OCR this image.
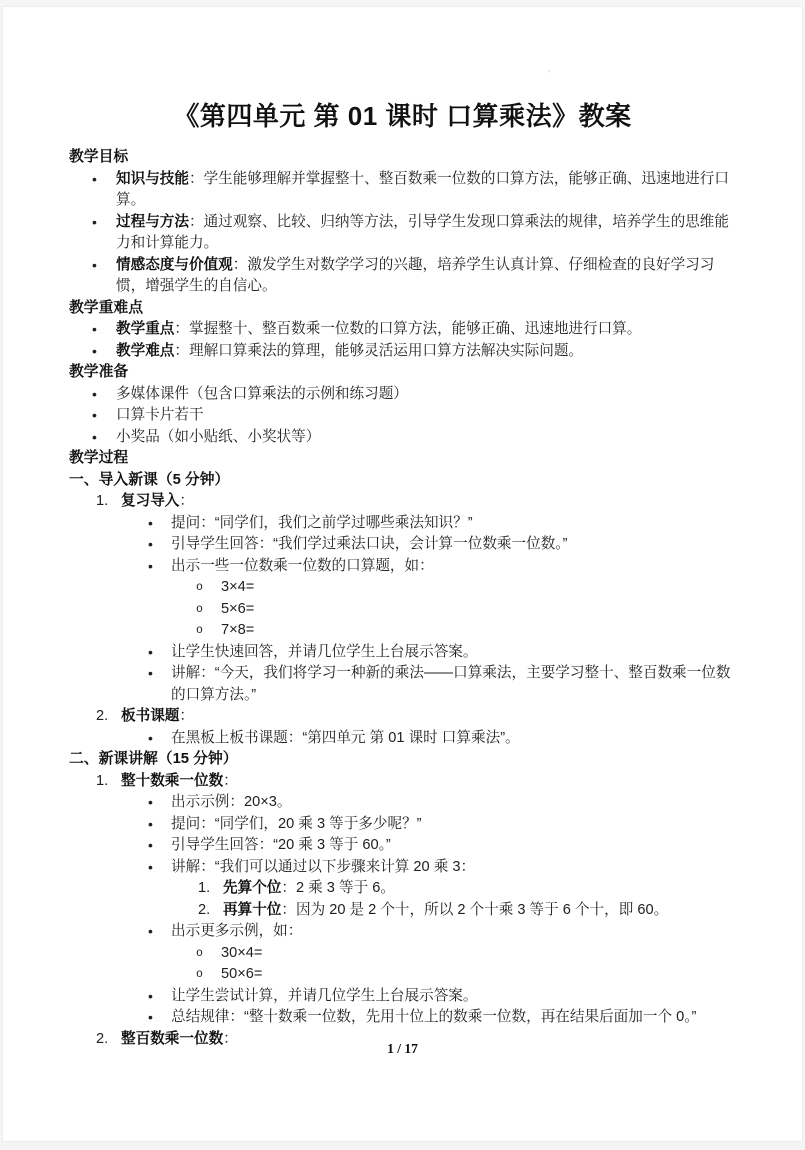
《第四单元 第 01 课时 口算乘法》教案
教学目标
•	知识与技能：学生能够理解并掌握整十、整百数乘一位数的口算方法，能够正确、迅速地进行口算。
•	过程与方法：通过观察、比较、归纳等方法，引导学生发现口算乘法的规律，培养学生的思维能力和计算能力。
•	情感态度与价值观：激发学生对数学学习的兴趣，培养学生认真计算、仔细检查的良好学习习惯，增强学生的自信心。
教学重难点
•	教学重点：掌握整十、整百数乘一位数的口算方法，能够正确、迅速地进行口算。
•	教学难点：理解口算乘法的算理，能够灵活运用口算方法解决实际问题。
教学准备
•	多媒体课件（包含口算乘法的示例和练习题）
•	口算卡片若干
•	小奖品（如小贴纸、小奖状等）
教学过程
一、导入新课（5 分钟）
1. 复习导入：
•	提问：“同学们，我们之前学过哪些乘法知识？”
•	引导学生回答：“我们学过乘法口诀，会计算一位数乘一位数。”
•	出示一些一位数乘一位数的口算题，如：
o	3×4=
o	5×6=
o	7×8=
•	让学生快速回答，并请几位学生上台展示答案。
•	讲解：“今天，我们将学习一种新的乘法——口算乘法，主要学习整十、整百数乘一位数的口算方法。”
2. 板书课题：
•	在黑板上板书课题：“第四单元 第 01 课时 口算乘法”。
二、新课讲解（15 分钟）
1. 整十数乘一位数：
•	出示示例：20×3。
•	提问：“同学们，20 乘 3 等于多少呢？”
•	引导学生回答：“20 乘 3 等于 60。”
•	讲解：“我们可以通过以下步骤来计算 20 乘 3：
1. 先算个位：2 乘 3 等于 6。
2. 再算十位：因为 20 是 2 个十，所以 2 个十乘 3 等于 6 个十，即 60。
•	出示更多示例，如：
o	30×4=
o	50×6=
•	让学生尝试计算，并请几位学生上台展示答案。
•	总结规律：“整十数乘一位数，先用十位上的数乘一位数，再在结果后面加一个 0。”
2. 整百数乘一位数：
1 / 17
'
